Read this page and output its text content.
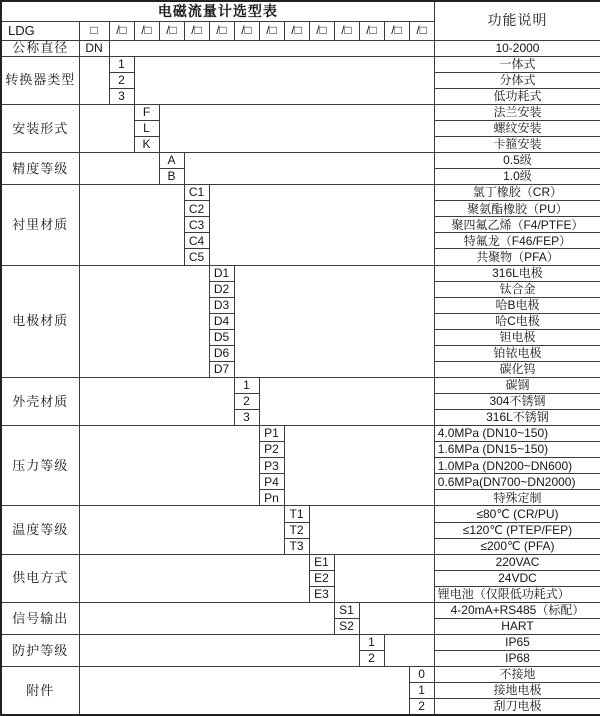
电磁流量计选型表															功能说明
LDG	□	/□	/□	/□	/□	/□	/□	/□	/□	/□	/□	/□	/□	/□	
公称直径	DN														10-2000
转换器类型		1													一体式
		2													分体式
		3													低功耗式
安装形式			F												法兰安装
			L												螺纹安装
			K												卡箍安装
精度等级				A											0.5级
				B											1.0级
衬里材质					C1										氯丁橡胶（CR）
					C2										聚氨酯橡胶（PU）
					C3										聚四氟乙烯（F4/PTFE）
					C4										特氟龙（F46/FEP）
					C5										共聚物（PFA）
电极材质						D1									316L电极
						D2									钛合金
						D3									哈B电极
						D4									哈C电极
						D5									钽电极
						D6									铂铱电极
						D7									碳化钨
外壳材质							1								碳钢
							2								304不锈钢
							3								316L不锈钢
压力等级								P1							4.0MPa (DN10~150)
								P2							1.6MPa (DN15~150)
								P3							1.0MPa (DN200~DN600)
								P4							0.6MPa(DN700~DN2000)
								Pn							特殊定制
温度等级									T1						≤80℃ (CR/PU)
									T2						≤120℃ (PTEP/FEP)
									T3						≤200℃ (PFA)
供电方式										E1					220VAC
										E2					24VDC
										E3					锂电池（仅限低功耗式）
信号输出											S1				4-20mA+RS485（标配）
											S2				HART
防护等级												1			IP65
												2			IP68
附件														0	不接地
														1	接地电极
														2	刮刀电极
